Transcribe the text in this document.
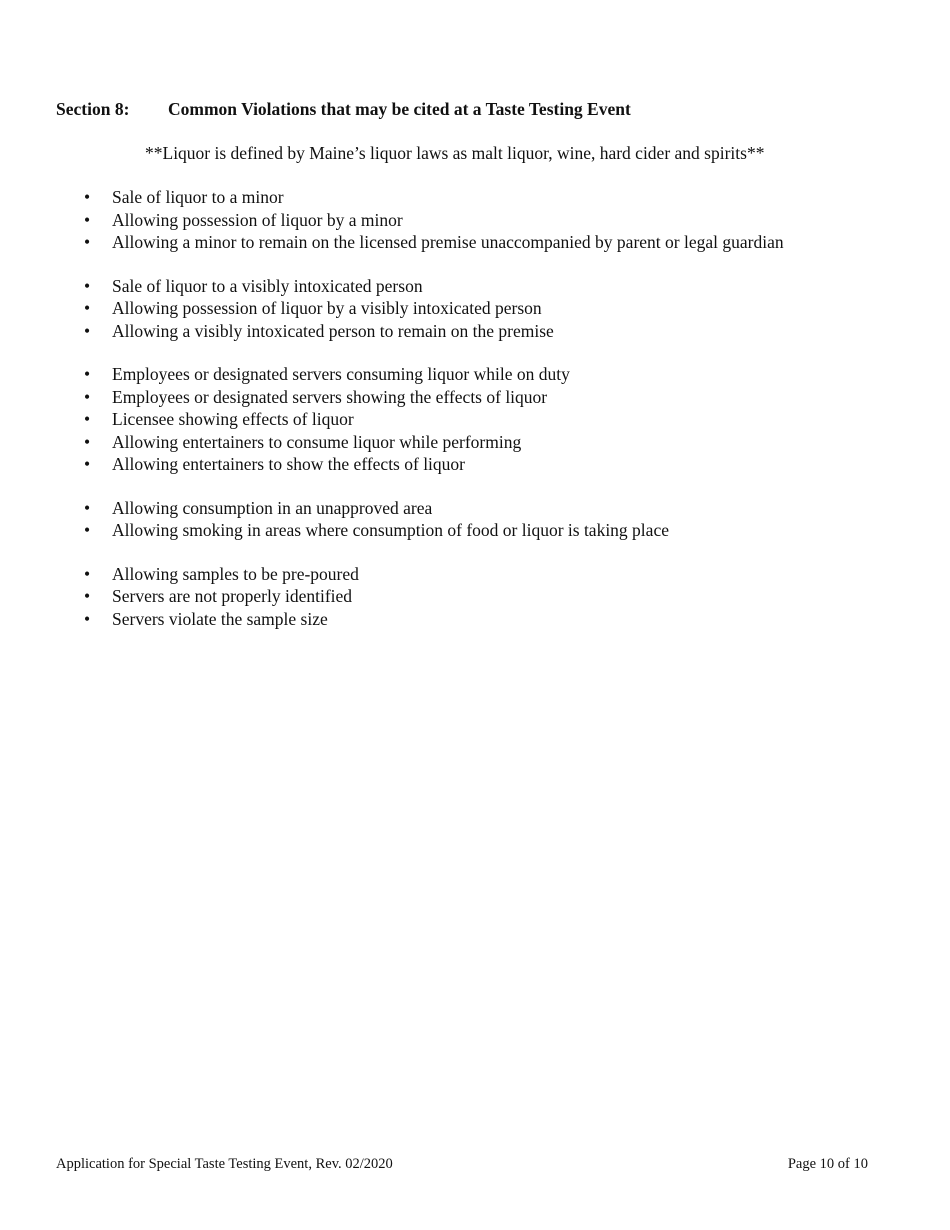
Section 8: Common Violations that may be cited at a Taste Testing Event
**Liquor is defined by Maine’s liquor laws as malt liquor, wine, hard cider and spirits**
•	Sale of liquor to a minor
•	Allowing possession of liquor by a minor
•	Allowing a minor to remain on the licensed premise unaccompanied by parent or legal guardian
•	Sale of liquor to a visibly intoxicated person
•	Allowing possession of liquor by a visibly intoxicated person
•	Allowing a visibly intoxicated person to remain on the premise
•	Employees or designated servers consuming liquor while on duty
•	Employees or designated servers showing the effects of liquor
•	Licensee showing effects of liquor
•	Allowing entertainers to consume liquor while performing
•	Allowing entertainers to show the effects of liquor
•	Allowing consumption in an unapproved area
•	Allowing smoking in areas where consumption of food or liquor is taking place
•	Allowing samples to be pre-poured
•	Servers are not properly identified
•	Servers violate the sample size
Application for Special Taste Testing Event, Rev. 02/2020	Page 10 of 10
